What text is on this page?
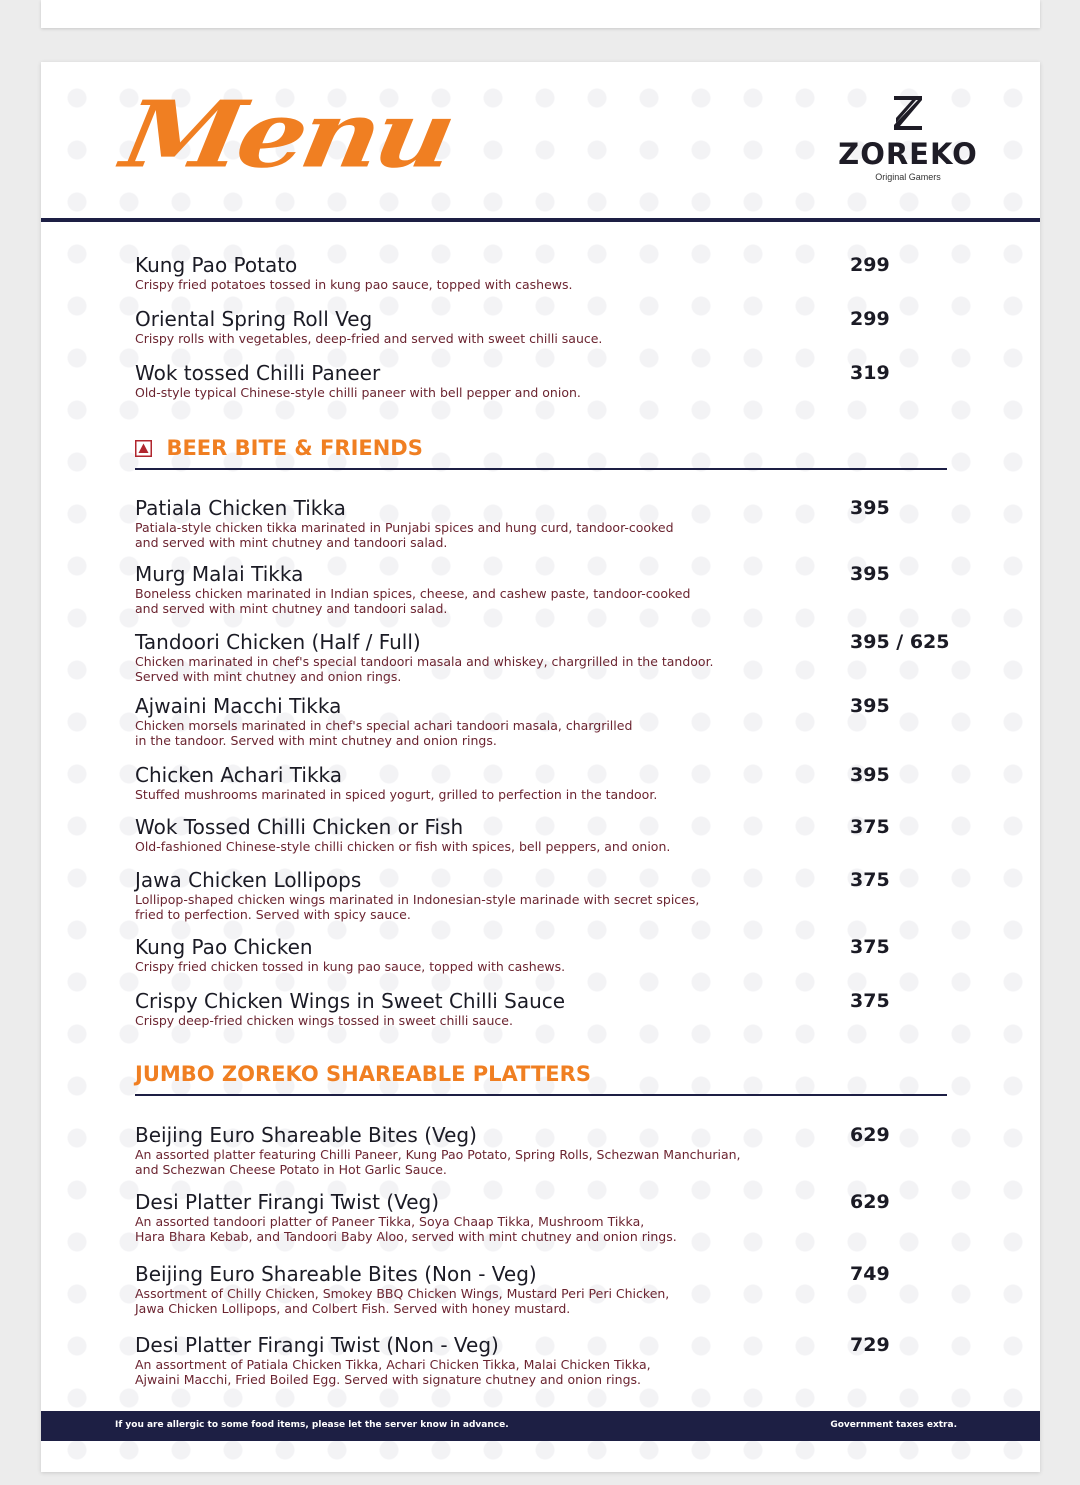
Menu	ZOREKO
Original Gamers
Kung Pao Potato
Crispy fried potatoes tossed in kung pao sauce, topped with cashews.
299
Oriental Spring Roll Veg
Crispy rolls with vegetables, deep-fried and served with sweet chilli sauce.
299
Wok tossed Chilli Paneer
Old-style typical Chinese-style chilli paneer with bell pepper and onion.
319
BEER BITE & FRIENDS
Patiala Chicken Tikka
Patiala-style chicken tikka marinated in Punjabi spices and hung curd, tandoor-cooked
and served with mint chutney and tandoori salad.
395
Murg Malai Tikka
Boneless chicken marinated in Indian spices, cheese, and cashew paste, tandoor-cooked
and served with mint chutney and tandoori salad.
395
Tandoori Chicken (Half / Full)
Chicken marinated in chef's special tandoori masala and whiskey, chargrilled in the tandoor.
Served with mint chutney and onion rings.
395 / 625
Ajwaini Macchi Tikka
Chicken morsels marinated in chef's special achari tandoori masala, chargrilled
in the tandoor. Served with mint chutney and onion rings.
395
Chicken Achari Tikka
Stuffed mushrooms marinated in spiced yogurt, grilled to perfection in the tandoor.
395
Wok Tossed Chilli Chicken or Fish
Old-fashioned Chinese-style chilli chicken or fish with spices, bell peppers, and onion.
375
Jawa Chicken Lollipops
Lollipop-shaped chicken wings marinated in Indonesian-style marinade with secret spices,
fried to perfection. Served with spicy sauce.
375
Kung Pao Chicken
Crispy fried chicken tossed in kung pao sauce, topped with cashews.
375
Crispy Chicken Wings in Sweet Chilli Sauce
Crispy deep-fried chicken wings tossed in sweet chilli sauce.
375
JUMBO ZOREKO SHAREABLE PLATTERS
Beijing Euro Shareable Bites (Veg)
An assorted platter featuring Chilli Paneer, Kung Pao Potato, Spring Rolls, Schezwan Manchurian,
and Schezwan Cheese Potato in Hot Garlic Sauce.
629
Desi Platter Firangi Twist (Veg)
An assorted tandoori platter of Paneer Tikka, Soya Chaap Tikka, Mushroom Tikka,
Hara Bhara Kebab, and Tandoori Baby Aloo, served with mint chutney and onion rings.
629
Beijing Euro Shareable Bites (Non - Veg)
Assortment of Chilly Chicken, Smokey BBQ Chicken Wings, Mustard Peri Peri Chicken,
Jawa Chicken Lollipops, and Colbert Fish. Served with honey mustard.
749
Desi Platter Firangi Twist (Non - Veg)
An assortment of Patiala Chicken Tikka, Achari Chicken Tikka, Malai Chicken Tikka,
Ajwaini Macchi, Fried Boiled Egg. Served with signature chutney and onion rings.
729
If you are allergic to some food items, please let the server know in advance.	Government taxes extra.
